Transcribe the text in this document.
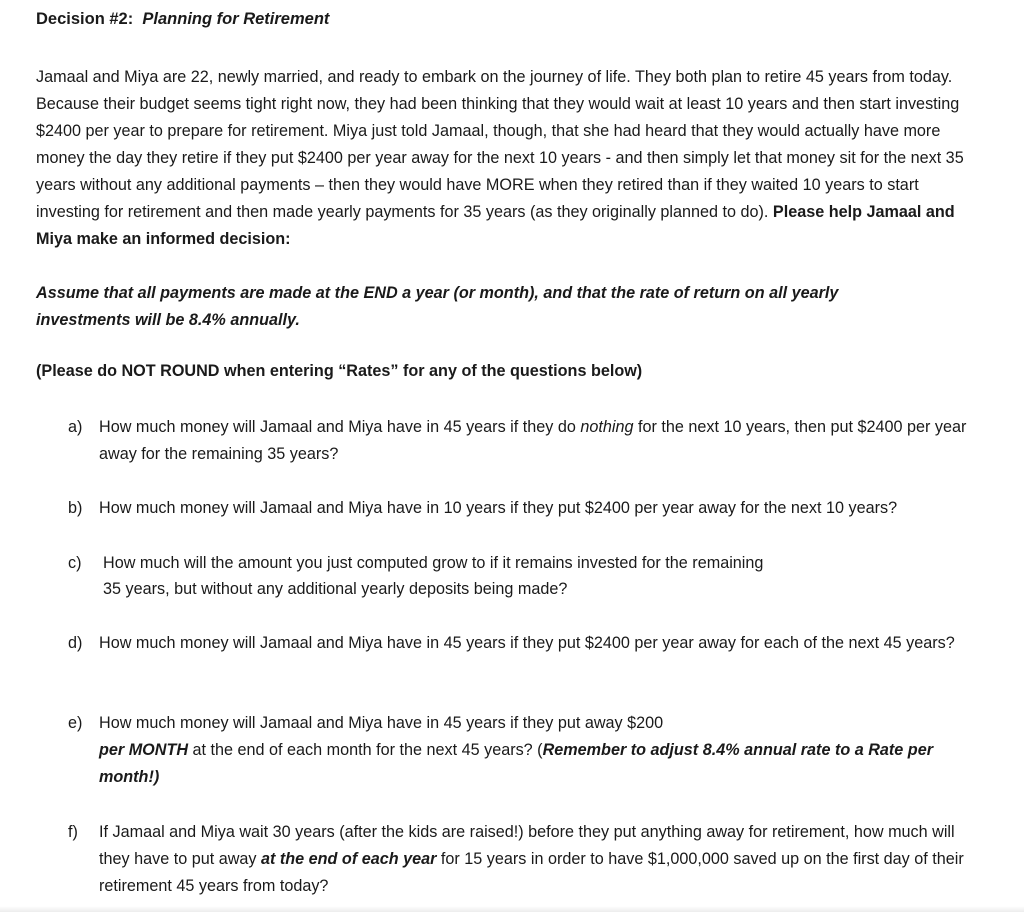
Decision #2: Planning for Retirement
Jamaal and Miya are 22, newly married, and ready to embark on the journey of life. They both plan to retire 45 years from today. Because their budget seems tight right now, they had been thinking that they would wait at least 10 years and then start investing $2400 per year to prepare for retirement. Miya just told Jamaal, though, that she had heard that they would actually have more money the day they retire if they put $2400 per year away for the next 10 years - and then simply let that money sit for the next 35 years without any additional payments – then they would have MORE when they retired than if they waited 10 years to start investing for retirement and then made yearly payments for 35 years (as they originally planned to do). Please help Jamaal and Miya make an informed decision:
Assume that all payments are made at the END a year (or month), and that the rate of return on all yearly investments will be 8.4% annually.
(Please do NOT ROUND when entering “Rates” for any of the questions below)
a) How much money will Jamaal and Miya have in 45 years if they do nothing for the next 10 years, then put $2400 per year away for the remaining 35 years?
b) How much money will Jamaal and Miya have in 10 years if they put $2400 per year away for the next 10 years?
c) How much will the amount you just computed grow to if it remains invested for the remaining
35 years, but without any additional yearly deposits being made?
d) How much money will Jamaal and Miya have in 45 years if they put $2400 per year away for each of the next 45 years?
e) How much money will Jamaal and Miya have in 45 years if they put away $200
per MONTH at the end of each month for the next 45 years? (Remember to adjust 8.4% annual rate to a Rate per month!)
f) If Jamaal and Miya wait 30 years (after the kids are raised!) before they put anything away for retirement, how much will they have to put away at the end of each year for 15 years in order to have $1,000,000 saved up on the first day of their retirement 45 years from today?
